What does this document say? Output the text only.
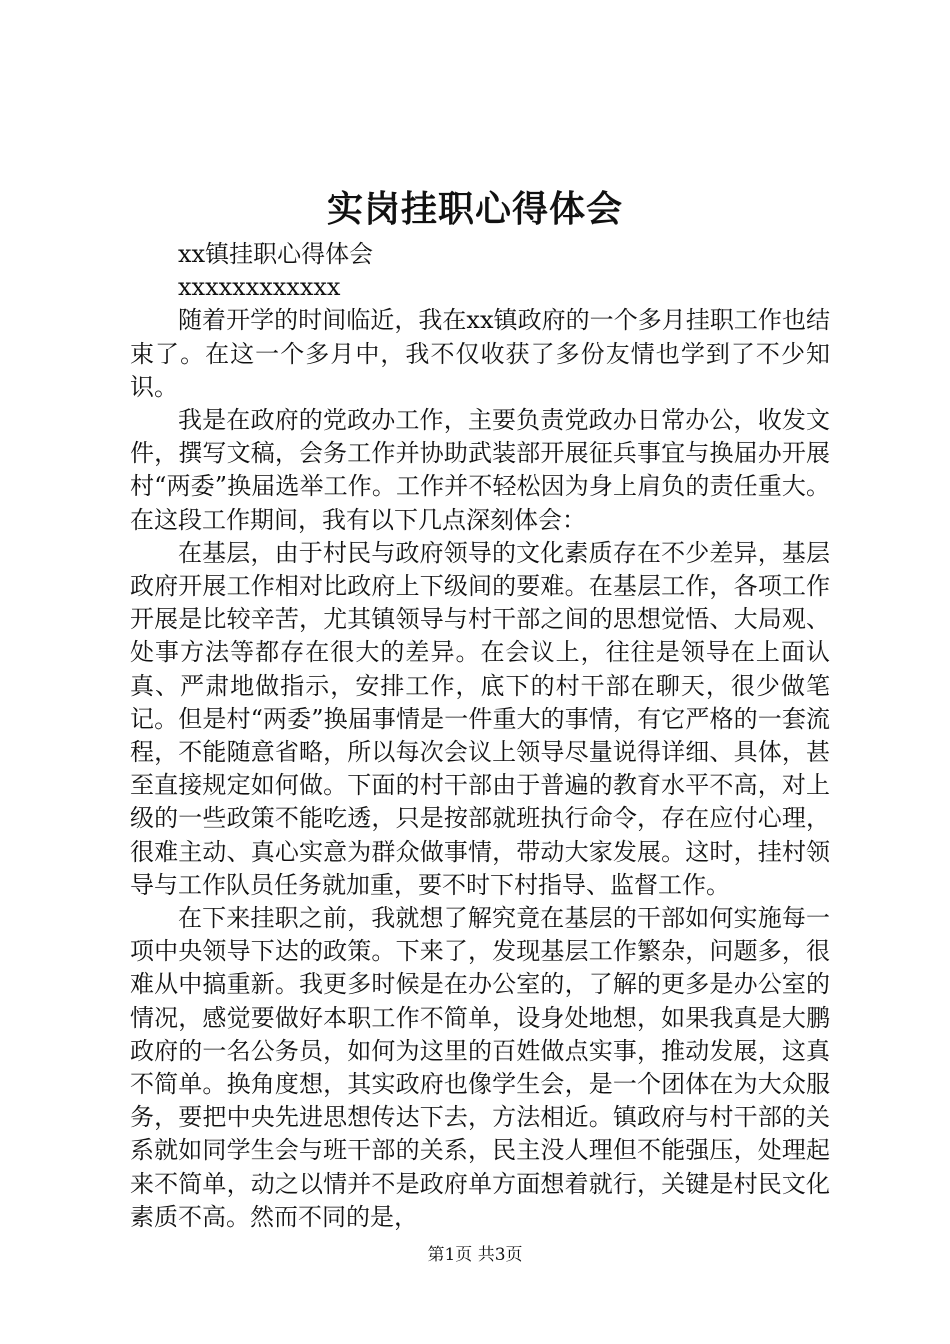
实岗挂职心得体会

xx镇挂职心得体会

xxxxxxxxxxxx

随着开学的时间临近，我在xx镇政府的一个多月挂职工作也结束了。在这一个多月中，我不仅收获了多份友情也学到了不少知识。

我是在政府的党政办工作，主要负责党政办日常办公，收发文件，撰写文稿，会务工作并协助武装部开展征兵事宜与换届办开展村“两委”换届选举工作。工作并不轻松因为身上肩负的责任重大。在这段工作期间，我有以下几点深刻体会：

在基层，由于村民与政府领导的文化素质存在不少差异，基层政府开展工作相对比政府上下级间的要难。在基层工作，各项工作开展是比较辛苦，尤其镇领导与村干部之间的思想觉悟、大局观、处事方法等都存在很大的差异。在会议上，往往是领导在上面认真、严肃地做指示，安排工作，底下的村干部在聊天，很少做笔记。但是村“两委”换届事情是一件重大的事情，有它严格的一套流程，不能随意省略，所以每次会议上领导尽量说得详细、具体，甚至直接规定如何做。下面的村干部由于普遍的教育水平不高，对上级的一些政策不能吃透，只是按部就班执行命令，存在应付心理，很难主动、真心实意为群众做事情，带动大家发展。这时，挂村领导与工作队员任务就加重，要不时下村指导、监督工作。

在下来挂职之前，我就想了解究竟在基层的干部如何实施每一项中央领导下达的政策。下来了，发现基层工作繁杂，问题多，很难从中搞重新。我更多时候是在办公室的，了解的更多是办公室的情况，感觉要做好本职工作不简单，设身处地想，如果我真是大鹏政府的一名公务员，如何为这里的百姓做点实事，推动发展，这真不简单。换角度想，其实政府也像学生会，是一个团体在为大众服务，要把中央先进思想传达下去，方法相近。镇政府与村干部的关系就如同学生会与班干部的关系，民主没人理但不能强压，处理起来不简单，动之以情并不是政府单方面想着就行，关键是村民文化素质不高。然而不同的是，

第1页 共3页
